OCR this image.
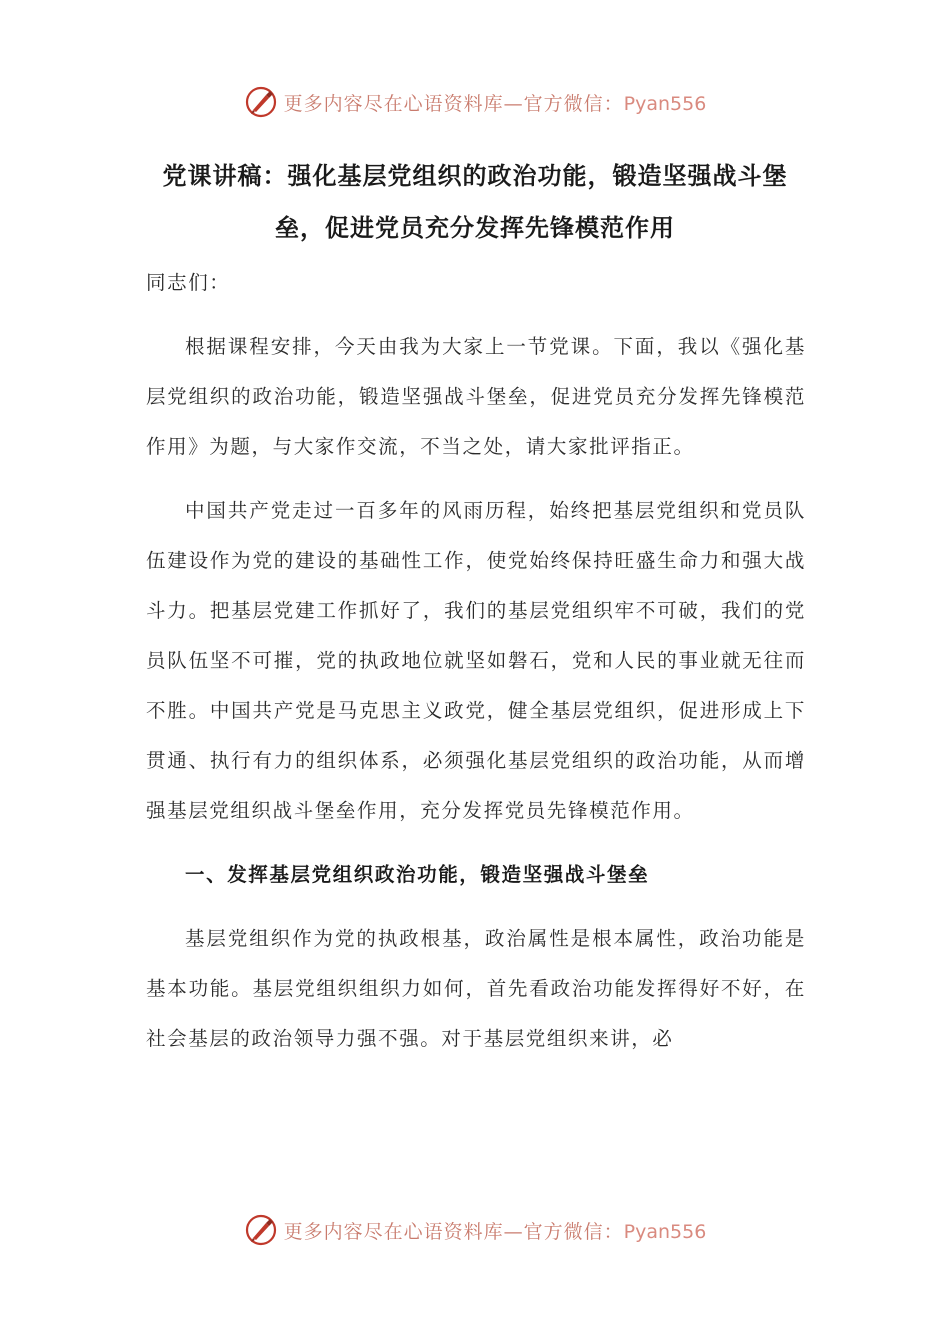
更多内容尽在心语资料库—官方微信：Pyan556
党课讲稿：强化基层党组织的政治功能，锻造坚强战斗堡垒，促进党员充分发挥先锋模范作用

同志们：

根据课程安排，今天由我为大家上一节党课。下面，我以《强化基层党组织的政治功能，锻造坚强战斗堡垒，促进党员充分发挥先锋模范作用》为题，与大家作交流，不当之处，请大家批评指正。

中国共产党走过一百多年的风雨历程，始终把基层党组织和党员队伍建设作为党的建设的基础性工作，使党始终保持旺盛生命力和强大战斗力。把基层党建工作抓好了，我们的基层党组织牢不可破，我们的党员队伍坚不可摧，党的执政地位就坚如磐石，党和人民的事业就无往而不胜。中国共产党是马克思主义政党，健全基层党组织，促进形成上下贯通、执行有力的组织体系，必须强化基层党组织的政治功能，从而增强基层党组织战斗堡垒作用，充分发挥党员先锋模范作用。

一、发挥基层党组织政治功能，锻造坚强战斗堡垒

基层党组织作为党的执政根基，政治属性是根本属性，政治功能是基本功能。基层党组织组织力如何，首先看政治功能发挥得好不好，在社会基层的政治领导力强不强。对于基层党组织来讲，必

更多内容尽在心语资料库—官方微信：Pyan556
